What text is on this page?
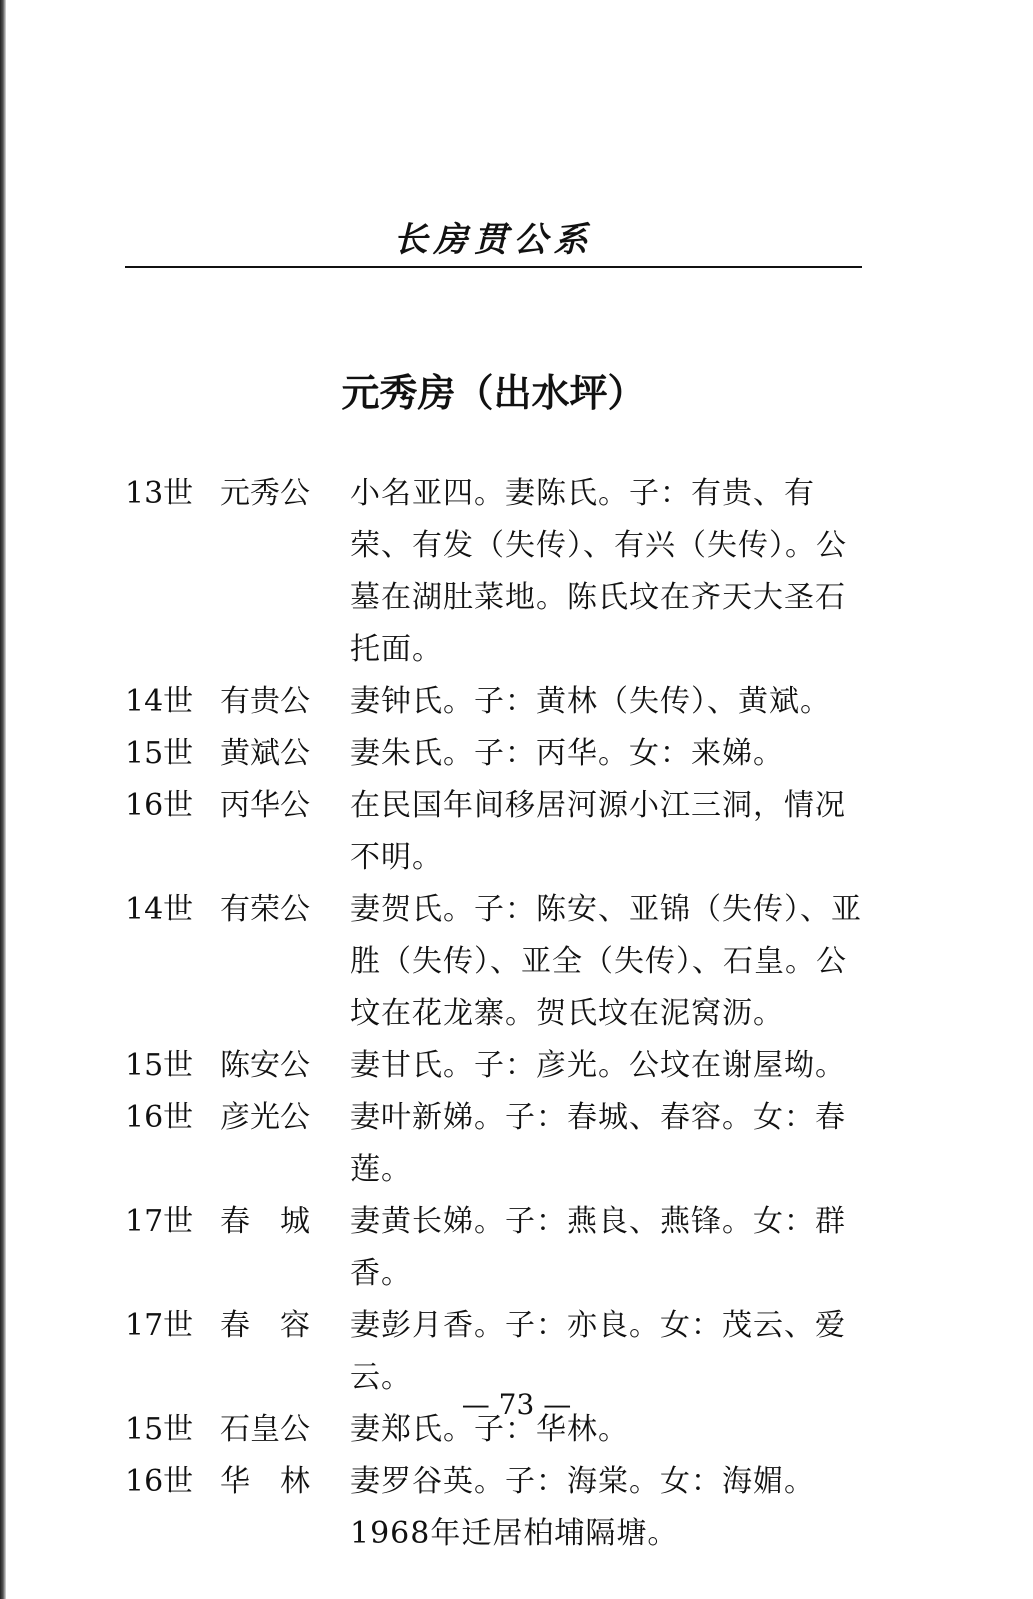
长房贯公系
元秀房（出水坪）
13世 元秀公	小名亚四。妻陈氏。子：有贵、有荣、有发（失传）、有兴（失传）。公墓在湖肚菜地。陈氏坟在齐天大圣石托面。
14世 有贵公	妻钟氏。子：黄林（失传）、黄斌。
15世 黄斌公	妻朱氏。子：丙华。女：来娣。
16世 丙华公	在民国年间移居河源小江三洞，情况不明。
14世 有荣公	妻贺氏。子：陈安、亚锦（失传）、亚胜（失传）、亚全（失传）、石皇。公坟在花龙寨。贺氏坟在泥窝沥。
15世 陈安公	妻甘氏。子：彦光。公坟在谢屋坳。
16世 彦光公	妻叶新娣。子：春城、春容。女：春莲。
17世 春　城	妻黄长娣。子：燕良、燕锋。女：群香。
17世 春　容	妻彭月香。子：亦良。女：茂云、爱云。
15世 石皇公	妻郑氏。子：华林。
16世 华　林	妻罗谷英。子：海棠。女：海媚。1968年迁居柏埔隔塘。
— 73 —
